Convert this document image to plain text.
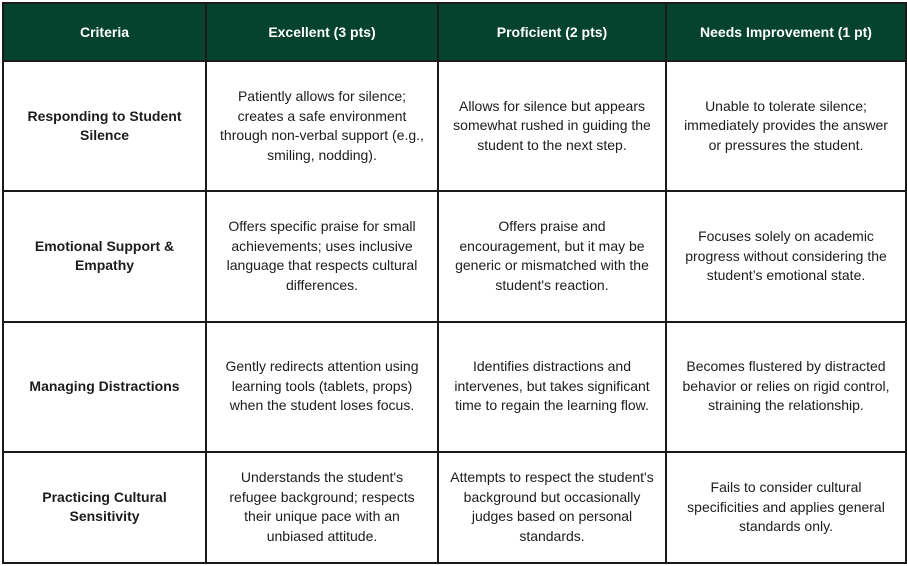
Criteria	Excellent (3 pts)	Proficient (2 pts)	Needs Improvement (1 pt)
Responding to Student Silence	Patiently allows for silence; creates a safe environment through non-verbal support (e.g., smiling, nodding).	Allows for silence but appears somewhat rushed in guiding the student to the next step.	Unable to tolerate silence; immediately provides the answer or pressures the student.
Emotional Support & Empathy	Offers specific praise for small achievements; uses inclusive language that respects cultural differences.	Offers praise and encouragement, but it may be generic or mismatched with the student's reaction.	Focuses solely on academic progress without considering the student’s emotional state.
Managing Distractions	Gently redirects attention using learning tools (tablets, props) when the student loses focus.	Identifies distractions and intervenes, but takes significant time to regain the learning flow.	Becomes flustered by distracted behavior or relies on rigid control, straining the relationship.
Practicing Cultural Sensitivity	Understands the student's refugee background; respects their unique pace with an unbiased attitude.	Attempts to respect the student's background but occasionally judges based on personal standards.	Fails to consider cultural specificities and applies general standards only.
